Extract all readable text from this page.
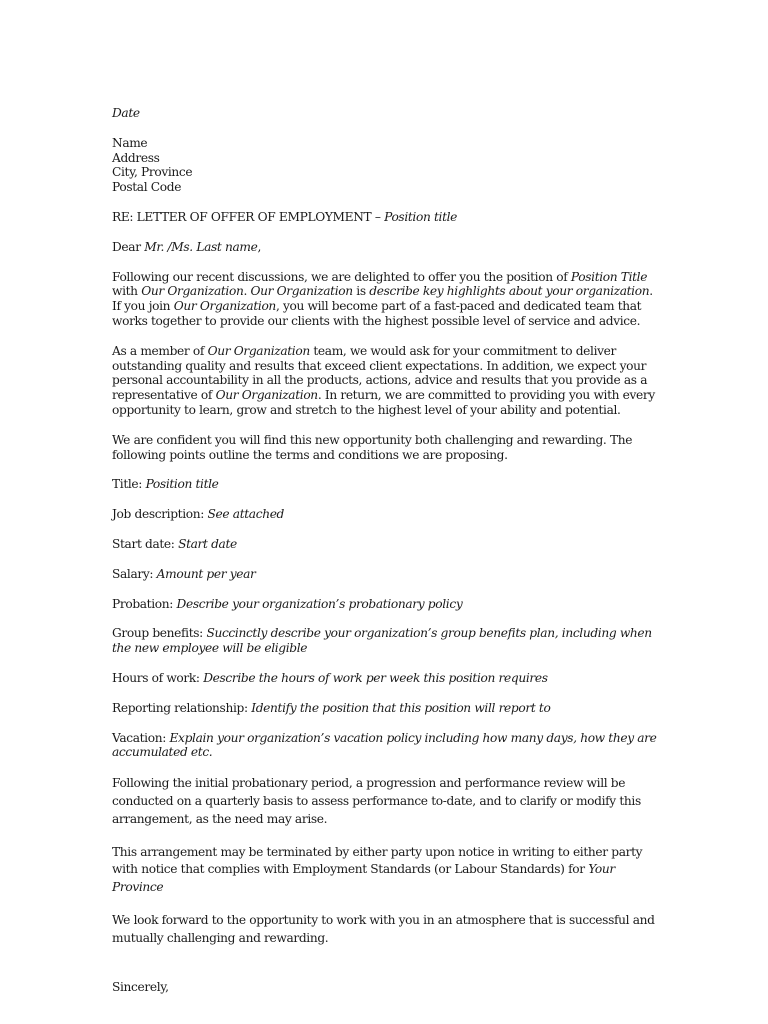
Date

Name
Address
City, Province
Postal Code

RE: LETTER OF OFFER OF EMPLOYMENT – Position title

Dear Mr. /Ms. Last name,

Following our recent discussions, we are delighted to offer you the position of Position Title with Our Organization. Our Organization is describe key highlights about your organization. If you join Our Organization, you will become part of a fast-paced and dedicated team that works together to provide our clients with the highest possible level of service and advice.

As a member of Our Organization team, we would ask for your commitment to deliver outstanding quality and results that exceed client expectations. In addition, we expect your personal accountability in all the products, actions, advice and results that you provide as a representative of Our Organization. In return, we are committed to providing you with every opportunity to learn, grow and stretch to the highest level of your ability and potential.

We are confident you will find this new opportunity both challenging and rewarding. The following points outline the terms and conditions we are proposing.

Title: Position title

Job description: See attached

Start date: Start date

Salary: Amount per year

Probation: Describe your organization’s probationary policy

Group benefits: Succinctly describe your organization’s group benefits plan, including when the new employee will be eligible

Hours of work: Describe the hours of work per week this position requires

Reporting relationship: Identify the position that this position will report to

Vacation: Explain your organization’s vacation policy including how many days, how they are accumulated etc.

Following the initial probationary period, a progression and performance review will be conducted on a quarterly basis to assess performance to-date, and to clarify or modify this arrangement, as the need may arise.

This arrangement may be terminated by either party upon notice in writing to either party with notice that complies with Employment Standards (or Labour Standards) for Your Province

We look forward to the opportunity to work with you in an atmosphere that is successful and mutually challenging and rewarding.

Sincerely,
